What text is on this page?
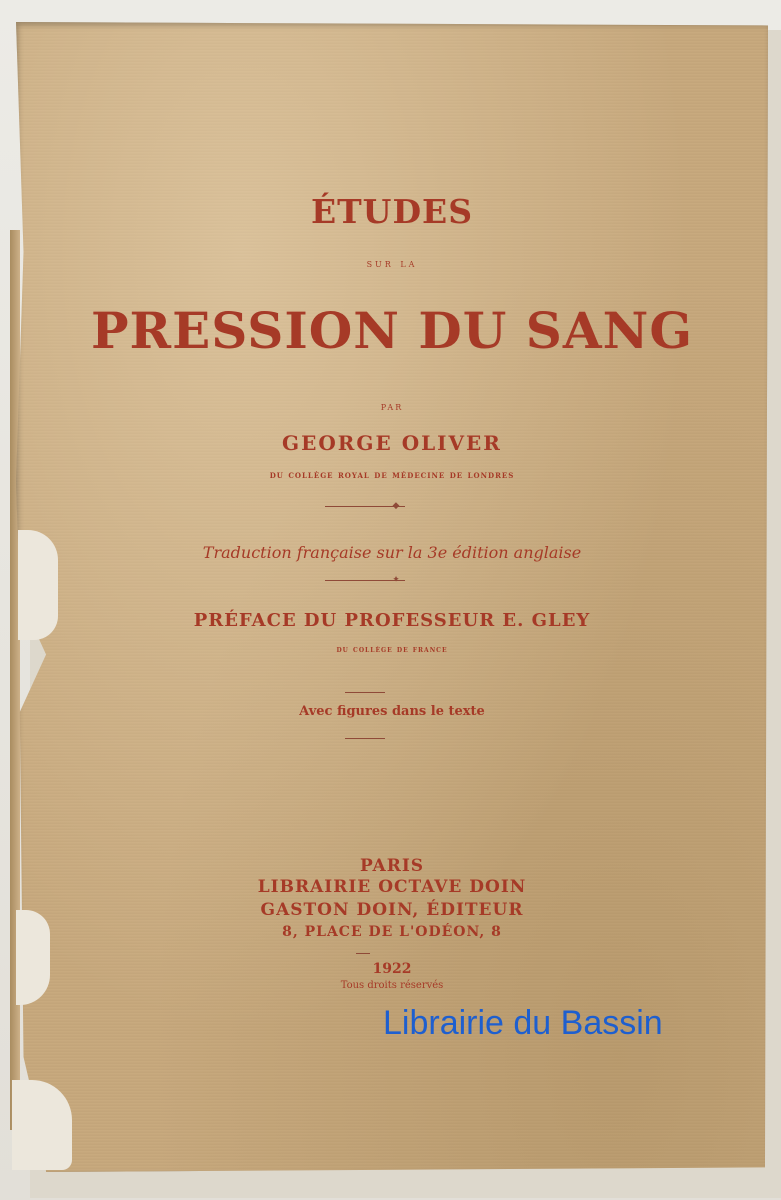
ÉTUDES
sur la
PRESSION DU SANG
par
GEORGE OLIVER
du collège royal de médecine de londres
◆
Traduction française sur la 3e édition anglaise
✦
PRÉFACE DU PROFESSEUR E. GLEY
du collège de france
Avec figures dans le texte
PARIS
LIBRAIRIE OCTAVE DOIN
GASTON DOIN, ÉDITEUR
8, PLACE DE L'ODÉON, 8
1922
Tous droits réservés
Librairie du Bassin
